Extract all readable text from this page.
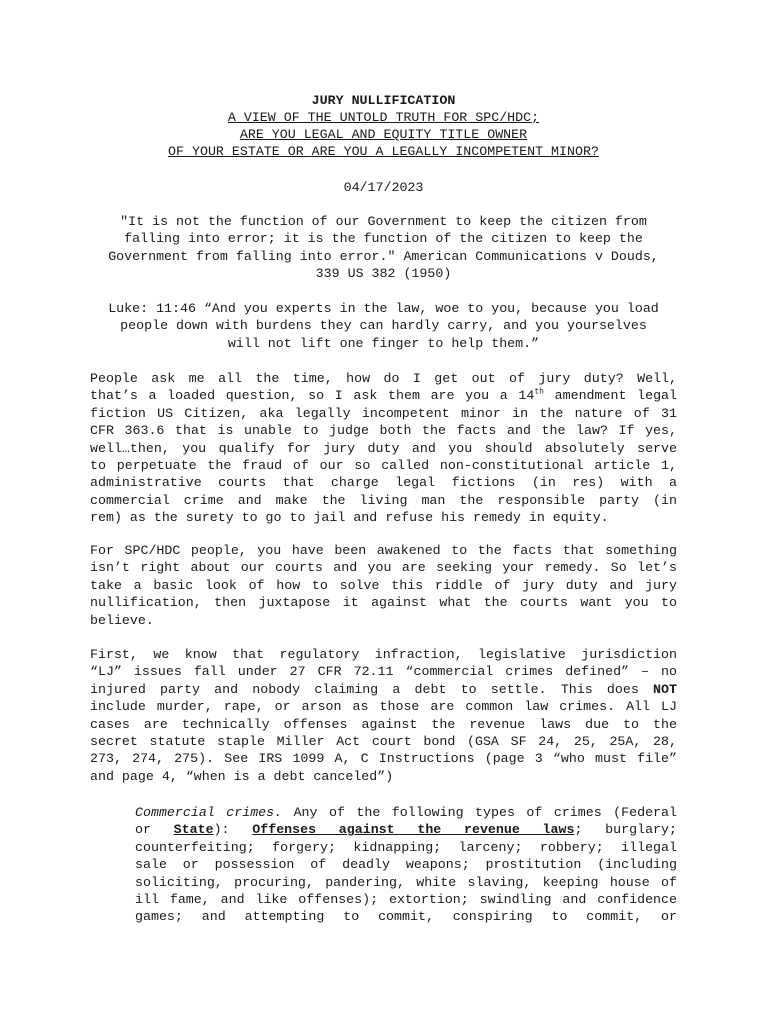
JURY NULLIFICATION
A VIEW OF THE UNTOLD TRUTH FOR SPC/HDC;
ARE YOU LEGAL AND EQUITY TITLE OWNER
OF YOUR ESTATE OR ARE YOU A LEGALLY INCOMPETENT MINOR?
04/17/2023
"It is not the function of our Government to keep the citizen from
falling into error; it is the function of the citizen to keep the
Government from falling into error." American Communications v Douds,
339 US 382 (1950)
Luke: 11:46 “And you experts in the law, woe to you, because you load
people down with burdens they can hardly carry, and you yourselves
will not lift one finger to help them.”
People ask me all the time, how do I get out of jury duty? Well,
that’s a loaded question, so I ask them are you a 14th amendment legal
fiction US Citizen, aka legally incompetent minor in the nature of 31
CFR 363.6 that is unable to judge both the facts and the law? If yes,
well…then, you qualify for jury duty and you should absolutely serve
to perpetuate the fraud of our so called non-constitutional article 1,
administrative courts that charge legal fictions (in res) with a
commercial crime and make the living man the responsible party (in
rem) as the surety to go to jail and refuse his remedy in equity.
For SPC/HDC people, you have been awakened to the facts that something
isn’t right about our courts and you are seeking your remedy. So let’s
take a basic look of how to solve this riddle of jury duty and jury
nullification, then juxtapose it against what the courts want you to
believe.
First, we know that regulatory infraction, legislative jurisdiction
“LJ” issues fall under 27 CFR 72.11 “commercial crimes defined” – no
injured party and nobody claiming a debt to settle. This does NOT
include murder, rape, or arson as those are common law crimes. All LJ
cases are technically offenses against the revenue laws due to the
secret statute staple Miller Act court bond (GSA SF 24, 25, 25A, 28,
273, 274, 275). See IRS 1099 A, C Instructions (page 3 “who must file”
and page 4, “when is a debt canceled”)
Commercial crimes. Any of the following types of crimes (Federal
or State): Offenses against the revenue laws; burglary;
counterfeiting; forgery; kidnapping; larceny; robbery; illegal
sale or possession of deadly weapons; prostitution (including
soliciting, procuring, pandering, white slaving, keeping house of
ill fame, and like offenses); extortion; swindling and confidence
games; and attempting to commit, conspiring to commit, or
